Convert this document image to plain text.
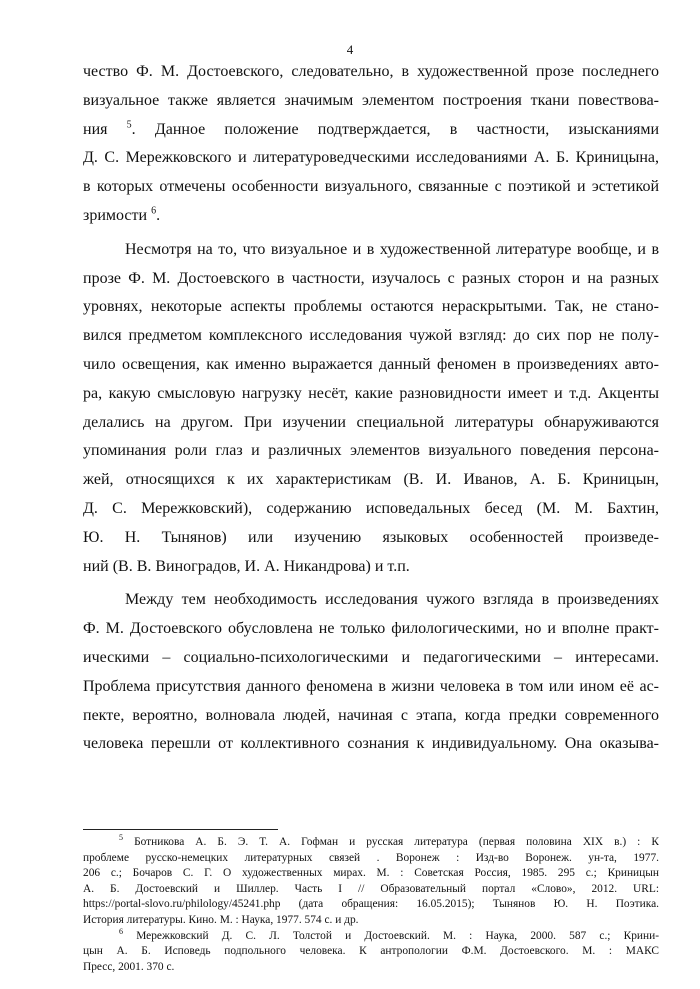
4
чество Ф. М. Достоевского, следовательно, в художественной прозе последнего
визуальное также является значимым элементом построения ткани повествова-
ния $^5$. Данное положение подтверждается, в частности, изысканиями
Д. С. Мережковского и литературоведческими исследованиями А. Б. Криницына,
в которых отмечены особенности визуального, связанные с поэтикой и эстетикой
зримости $^6$.
Несмотря на то, что визуальное и в художественной литературе вообще, и в
прозе Ф. М. Достоевского в частности, изучалось с разных сторон и на разных
уровнях, некоторые аспекты проблемы остаются нераскрытыми. Так, не стано-
вился предметом комплексного исследования чужой взгляд: до сих пор не полу-
чило освещения, как именно выражается данный феномен в произведениях авто-
ра, какую смысловую нагрузку несёт, какие разновидности имеет и т.д. Акценты
делались на другом. При изучении специальной литературы обнаруживаются
упоминания роли глаз и различных элементов визуального поведения персона-
жей, относящихся к их характеристикам (В. И. Иванов, А. Б. Криницын,
Д. С. Мережковский), содержанию исповедальных бесед (М. М. Бахтин,
Ю. Н. Тынянов) или изучению языковых особенностей произведе-
ний (В. В. Виноградов, И. А. Никандрова) и т.п.
Между тем необходимость исследования чужого взгляда в произведениях
Ф. М. Достоевского обусловлена не только филологическими, но и вполне практ-
ическими – социально-психологическими и педагогическими – интересами.
Проблема присутствия данного феномена в жизни человека в том или ином её ас-
пекте, вероятно, волновала людей, начиная с этапа, когда предки современного
человека перешли от коллективного сознания к индивидуальному. Она оказыва-
$^5$ Ботникова А. Б. Э. Т. А. Гофман и русская литература (первая половина XIX в.) : К
проблеме русско-немецких литературных связей . Воронеж : Изд-во Воронеж. ун-та, 1977.
206 с.; Бочаров С. Г. О художественных мирах. М. : Советская Россия, 1985. 295 с.; Криницын
А. Б. Достоевский и Шиллер. Часть I // Образовательный портал «Слово», 2012. URL:
https://portal-slovo.ru/philology/45241.php (дата обращения: 16.05.2015); Тынянов Ю. Н. Поэтика.
История литературы. Кино. М. : Наука, 1977. 574 с. и др.
$^6$ Мережковский Д. С. Л. Толстой и Достоевский. М. : Наука, 2000. 587 с.; Крини-
цын А. Б. Исповедь подпольного человека. К антропологии Ф.М. Достоевского. М. : МАКС
Пресс, 2001. 370 с.
